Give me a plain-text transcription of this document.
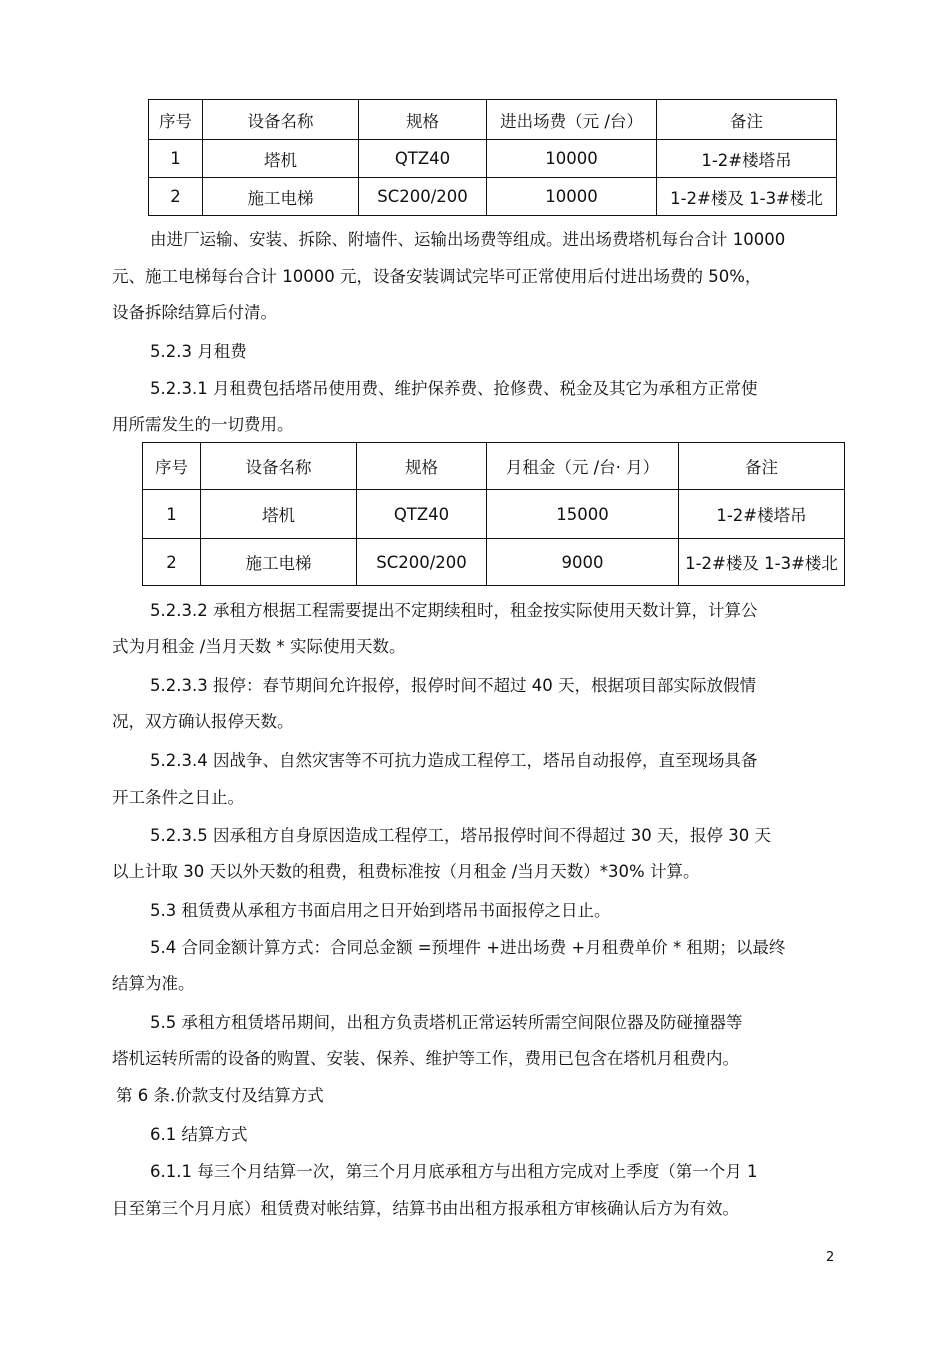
序号	设备名称	规格	进出场费（元 /台）	备注
1	塔机	QTZ40	10000	1-2#楼塔吊
2	施工电梯	SC200/200	10000	1-2#楼及 1-3#楼北
由进厂运输、安装、拆除、附墙件、运输出场费等组成。进出场费塔机每台合计 10000
元、施工电梯每台合计 10000 元，设备安装调试完毕可正常使用后付进出场费的 50%，
设备拆除结算后付清。
5.2.3 月租费
5.2.3.1 月租费包括塔吊使用费、维护保养费、抢修费、税金及其它为承租方正常使
用所需发生的一切费用。
序号	设备名称	规格	月租金（元 /台· 月）	备注
1	塔机	QTZ40	15000	1-2#楼塔吊
2	施工电梯	SC200/200	9000	1-2#楼及 1-3#楼北
5.2.3.2 承租方根据工程需要提出不定期续租时，租金按实际使用天数计算，计算公
式为月租金 /当月天数 * 实际使用天数。
5.2.3.3 报停：春节期间允许报停，报停时间不超过 40 天，根据项目部实际放假情
况，双方确认报停天数。
5.2.3.4 因战争、自然灾害等不可抗力造成工程停工，塔吊自动报停，直至现场具备
开工条件之日止。
5.2.3.5 因承租方自身原因造成工程停工，塔吊报停时间不得超过 30 天，报停 30 天
以上计取 30 天以外天数的租费，租费标准按（月租金 /当月天数）*30% 计算。
5.3 租赁费从承租方书面启用之日开始到塔吊书面报停之日止。
5.4 合同金额计算方式：合同总金额 =预埋件 +进出场费 +月租费单价 * 租期；以最终
结算为准。
5.5 承租方租赁塔吊期间，出租方负责塔机正常运转所需空间限位器及防碰撞器等
塔机运转所需的设备的购置、安装、保养、维护等工作，费用已包含在塔机月租费内。
第 6 条.价款支付及结算方式
6.1 结算方式
6.1.1 每三个月结算一次，第三个月月底承租方与出租方完成对上季度（第一个月 1
日至第三个月月底）租赁费对帐结算，结算书由出租方报承租方审核确认后方为有效。
2
